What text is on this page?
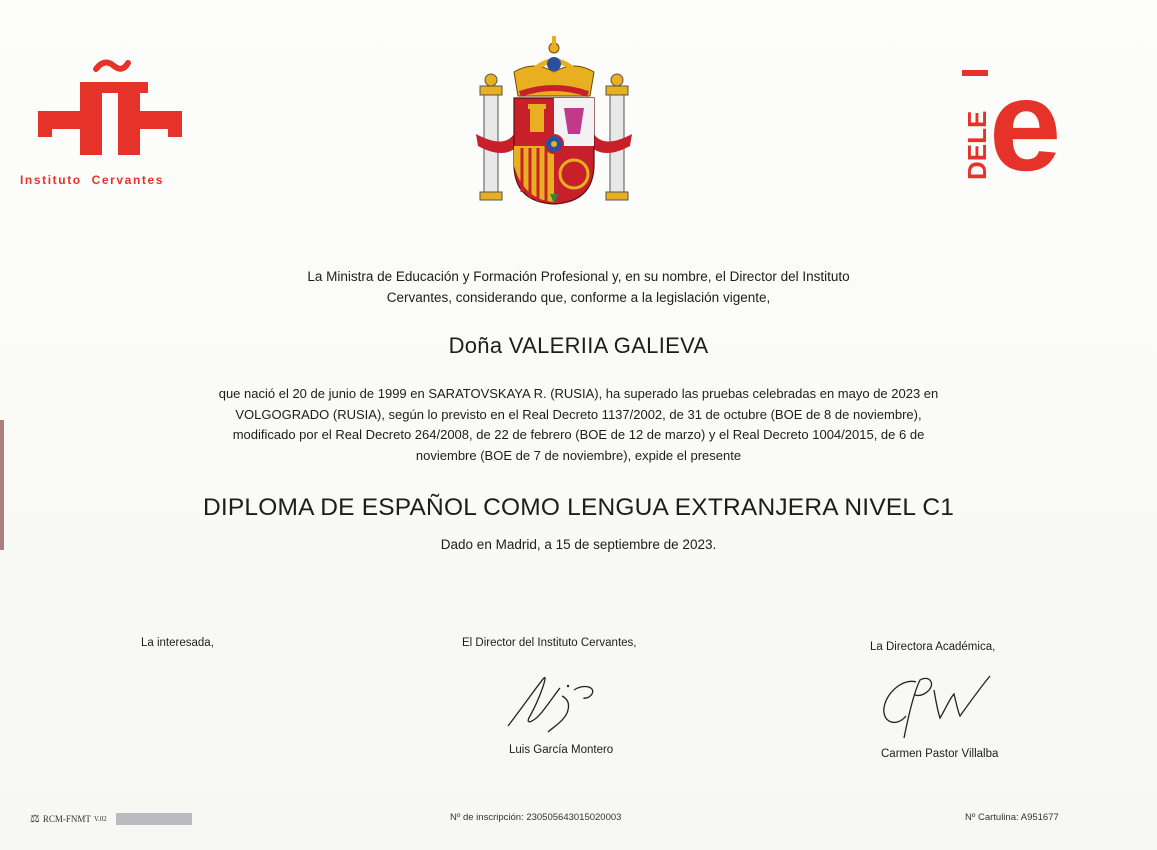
Instituto  Cervantes	DELE
e
La Ministra de Educación y Formación Profesional y, en su nombre, el Director del Instituto
Cervantes, considerando que, conforme a la legislación vigente,
Doña VALERIIA GALIEVA
que nació el 20 de junio de 1999 en SARATOVSKAYA R. (RUSIA), ha superado las pruebas celebradas en mayo de 2023 en
VOLGOGRADO (RUSIA), según lo previsto en el Real Decreto 1137/2002, de 31 de octubre (BOE de 8 de noviembre),
modificado por el Real Decreto 264/2008, de 22 de febrero (BOE de 12 de marzo) y el Real Decreto 1004/2015, de 6 de
noviembre (BOE de 7 de noviembre), expide el presente
DIPLOMA DE ESPAÑOL COMO LENGUA EXTRANJERA NIVEL C1
Dado en Madrid, a 15 de septiembre de 2023.
La interesada,	El Director del Instituto Cervantes,
Luis García Montero
La Directora Académica,
Carmen Pastor Villalba
⚖ RCM-FNMT V.02	Nº de inscripción: 230505643015020003	Nº Cartulina: A951677
